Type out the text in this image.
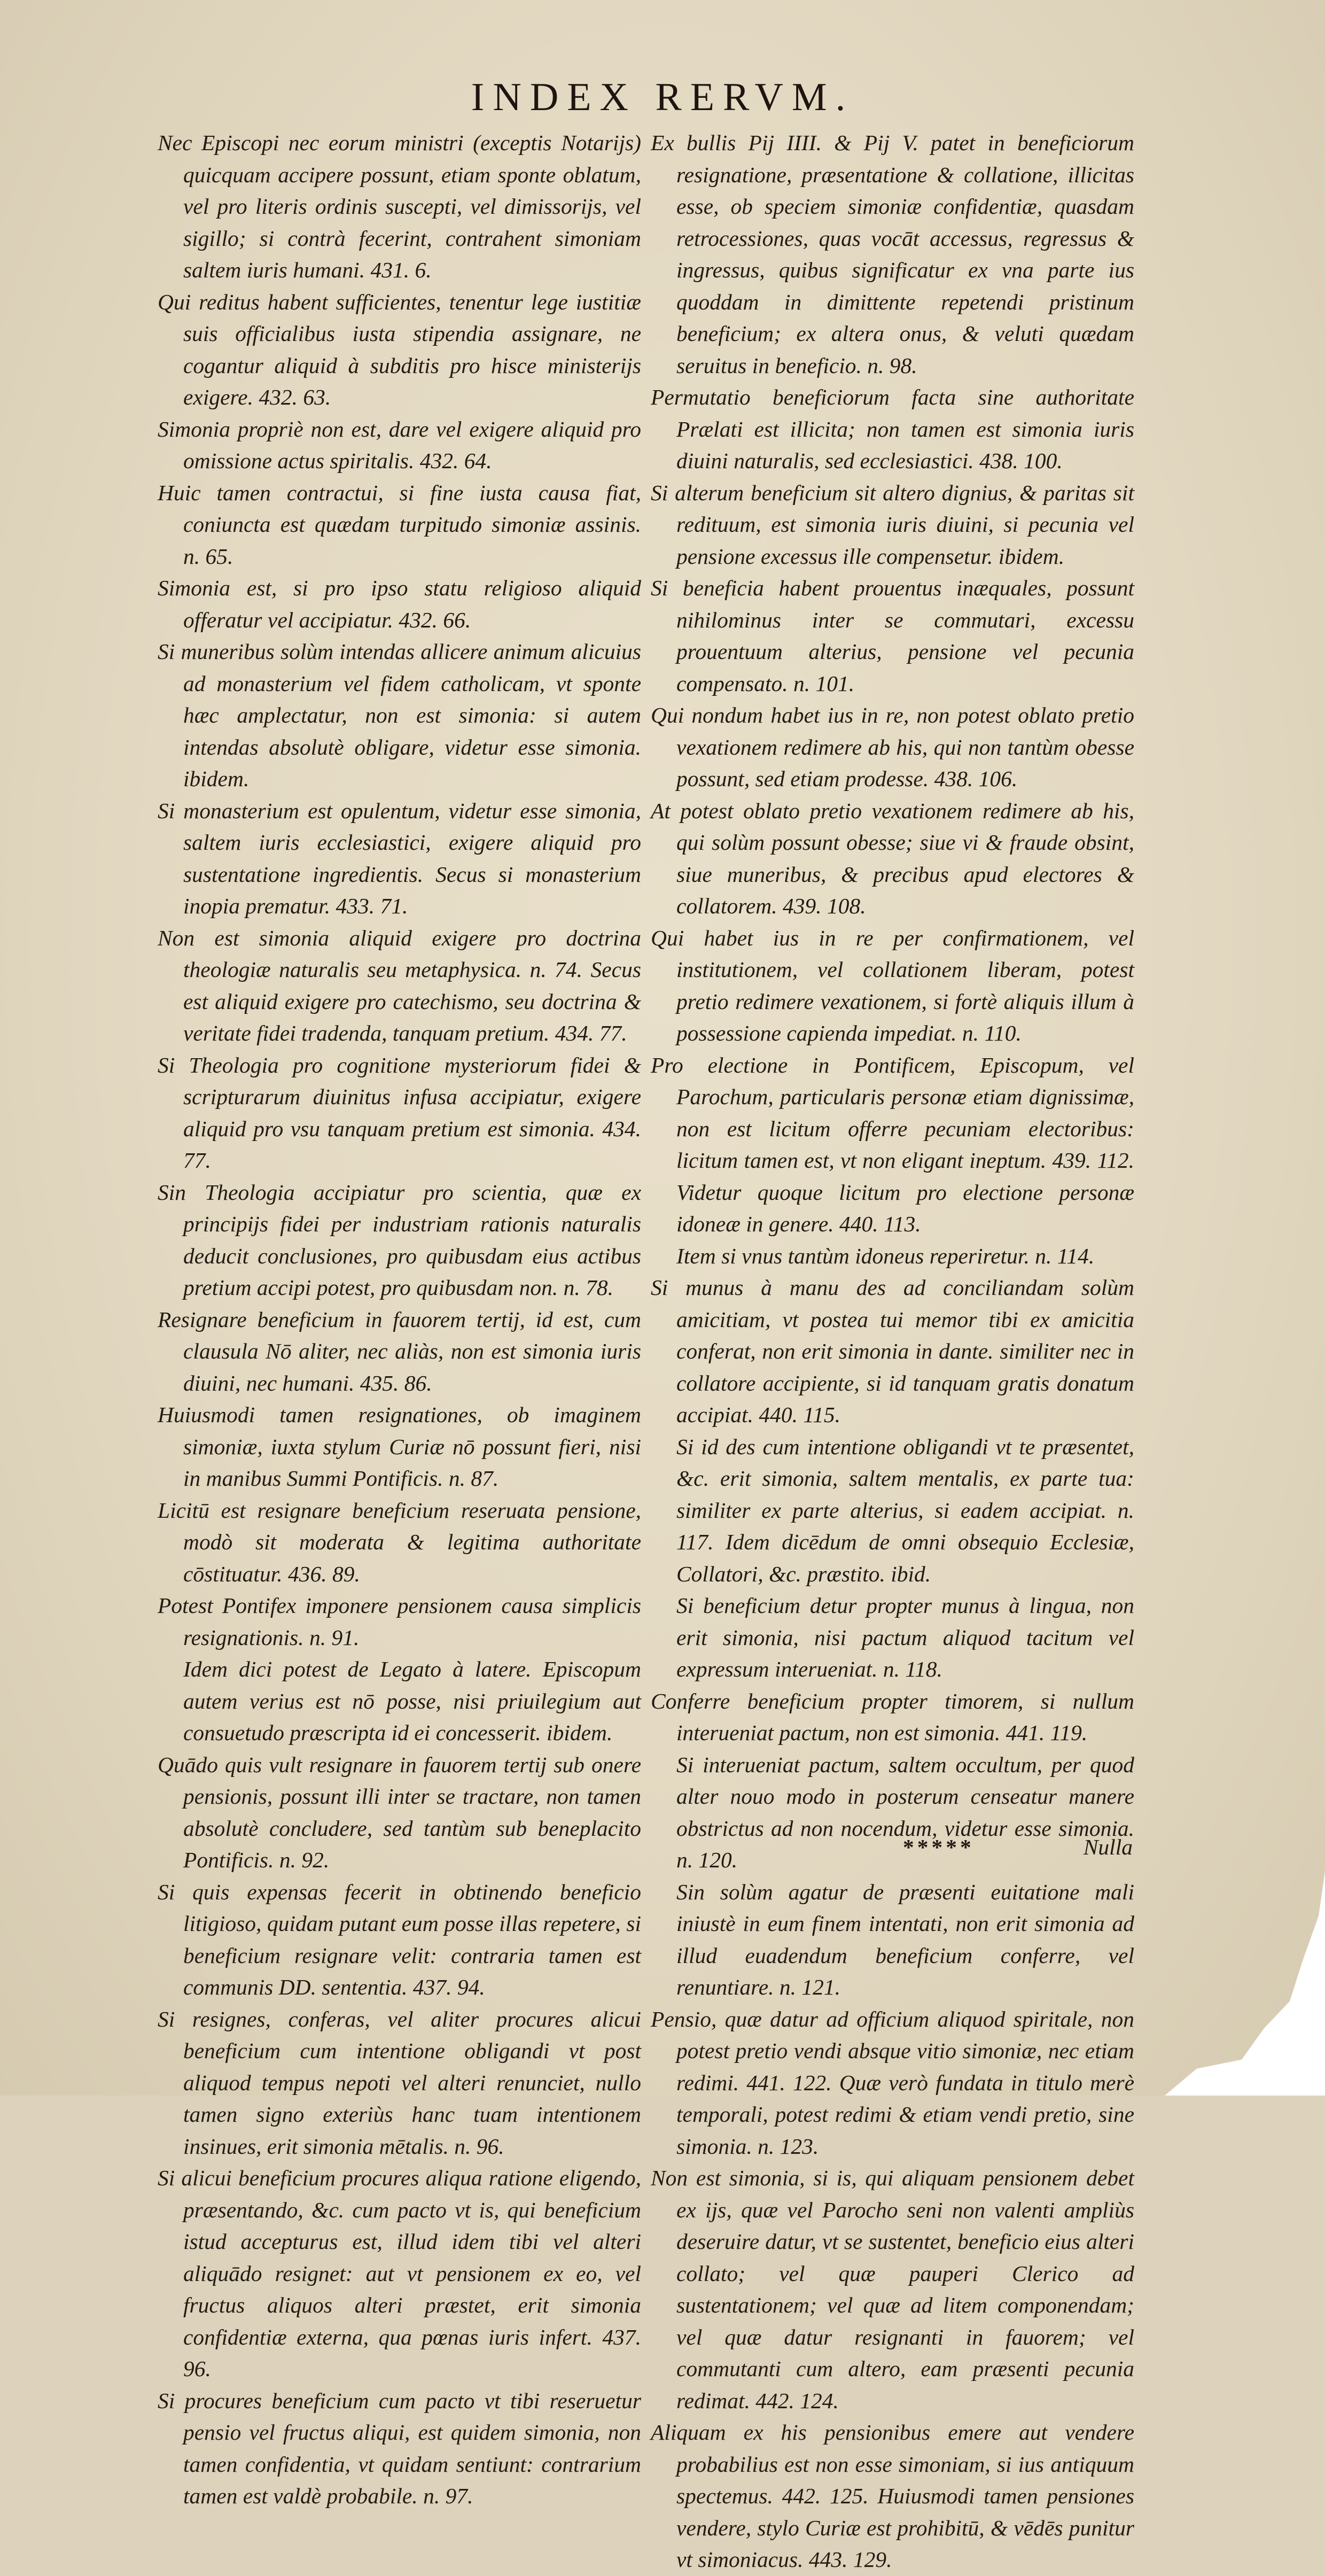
INDEX RERVM.

Nec Episcopi nec eorum ministri (exceptis Notarijs) quicquam accipere possunt, etiam sponte oblatum, vel pro literis ordinis suscepti, vel dimissorijs, vel sigillo; si contrà fecerint, contrahent simoniam saltem iuris humani. 431. 6.

Qui reditus habent sufficientes, tenentur lege iustitiæ suis officialibus iusta stipendia assignare, ne cogantur aliquid à subditis pro hisce ministerijs exigere. 432. 63.

Simonia propriè non est, dare vel exigere aliquid pro omissione actus spiritalis. 432. 64.

Huic tamen contractui, si fine iusta causa fiat, coniuncta est quædam turpitudo simoniæ assinis. n. 65.

Simonia est, si pro ipso statu religioso aliquid offeratur vel accipiatur. 432. 66.

Si muneribus solùm intendas allicere animum alicuius ad monasterium vel fidem catholicam, vt sponte hæc amplectatur, non est simonia: si autem intendas absolutè obligare, videtur esse simonia. ibidem.

Si monasterium est opulentum, videtur esse simonia, saltem iuris ecclesiastici, exigere aliquid pro sustentatione ingredientis. Secus si monasterium inopia prematur. 433. 71.

Non est simonia aliquid exigere pro doctrina theologiæ naturalis seu metaphysica. n. 74. Secus est aliquid exigere pro catechismo, seu doctrina & veritate fidei tradenda, tanquam pretium. 434. 77.

Si Theologia pro cognitione mysteriorum fidei & scripturarum diuinitus infusa accipiatur, exigere aliquid pro vsu tanquam pretium est simonia. 434. 77.

Sin Theologia accipiatur pro scientia, quæ ex principijs fidei per industriam rationis naturalis deducit conclusiones, pro quibusdam eius actibus pretium accipi potest, pro quibusdam non. n. 78.

Resignare beneficium in fauorem tertij, id est, cum clausula Nō aliter, nec aliàs, non est simonia iuris diuini, nec humani. 435. 86.

Huiusmodi tamen resignationes, ob imaginem simoniæ, iuxta stylum Curiæ nō possunt fieri, nisi in manibus Summi Pontificis. n. 87.

Licitū est resignare beneficium reseruata pensione, modò sit moderata & legitima authoritate cōstituatur. 436. 89.

Potest Pontifex imponere pensionem causa simplicis resignationis. n. 91.

Idem dici potest de Legato à latere. Episcopum autem verius est nō posse, nisi priuilegium aut consuetudo præscripta id ei concesserit. ibidem.

Quādo quis vult resignare in fauorem tertij sub onere pensionis, possunt illi inter se tractare, non tamen absolutè concludere, sed tantùm sub beneplacito Pontificis. n. 92.

Si quis expensas fecerit in obtinendo beneficio litigioso, quidam putant eum posse illas repetere, si beneficium resignare velit: contraria tamen est communis DD. sententia. 437. 94.

Si resignes, conferas, vel aliter procures alicui beneficium cum intentione obligandi vt post aliquod tempus nepoti vel alteri renunciet, nullo tamen signo exteriùs hanc tuam intentionem insinues, erit simonia mētalis. n. 96.

Si alicui beneficium procures aliqua ratione eligendo, præsentando, &c. cum pacto vt is, qui beneficium istud accepturus est, illud idem tibi vel alteri aliquādo resignet: aut vt pensionem ex eo, vel fructus aliquos alteri præstet, erit simonia confidentiæ externa, qua pœnas iuris infert. 437. 96.

Si procures beneficium cum pacto vt tibi reseruetur pensio vel fructus aliqui, est quidem simonia, non tamen confidentia, vt quidam sentiunt: contrarium tamen est valdè probabile. n. 97.

Ex bullis Pij IIII. & Pij V. patet in beneficiorum resignatione, præsentatione & collatione, illicitas esse, ob speciem simoniæ confidentiæ, quasdam retrocessiones, quas vocāt accessus, regressus & ingressus, quibus significatur ex vna parte ius quoddam in dimittente repetendi pristinum beneficium; ex altera onus, & veluti quædam seruitus in beneficio. n. 98.

Permutatio beneficiorum facta sine authoritate Prælati est illicita; non tamen est simonia iuris diuini naturalis, sed ecclesiastici. 438. 100.

Si alterum beneficium sit altero dignius, & paritas sit redituum, est simonia iuris diuini, si pecunia vel pensione excessus ille compensetur. ibidem.

Si beneficia habent prouentus inæquales, possunt nihilominus inter se commutari, excessu prouentuum alterius, pensione vel pecunia compensato. n. 101.

Qui nondum habet ius in re, non potest oblato pretio vexationem redimere ab his, qui non tantùm obesse possunt, sed etiam prodesse. 438. 106.

At potest oblato pretio vexationem redimere ab his, qui solùm possunt obesse; siue vi & fraude obsint, siue muneribus, & precibus apud electores & collatorem. 439. 108.

Qui habet ius in re per confirmationem, vel institutionem, vel collationem liberam, potest pretio redimere vexationem, si fortè aliquis illum à possessione capienda impediat. n. 110.

Pro electione in Pontificem, Episcopum, vel Parochum, particularis personæ etiam dignissimæ, non est licitum offerre pecuniam electoribus: licitum tamen est, vt non eligant ineptum. 439. 112. Videtur quoque licitum pro electione personæ idoneæ in genere. 440. 113.

Item si vnus tantùm idoneus reperiretur. n. 114.

Si munus à manu des ad conciliandam solùm amicitiam, vt postea tui memor tibi ex amicitia conferat, non erit simonia in dante. similiter nec in collatore accipiente, si id tanquam gratis donatum accipiat. 440. 115.

Si id des cum intentione obligandi vt te præsentet, &c. erit simonia, saltem mentalis, ex parte tua: similiter ex parte alterius, si eadem accipiat. n. 117. Idem dicēdum de omni obsequio Ecclesiæ, Collatori, &c. præstito. ibid.

Si beneficium detur propter munus à lingua, non erit simonia, nisi pactum aliquod tacitum vel expressum interueniat. n. 118.

Conferre beneficium propter timorem, si nullum interueniat pactum, non est simonia. 441. 119.

Si interueniat pactum, saltem occultum, per quod alter nouo modo in posterum censeatur manere obstrictus ad non nocendum, videtur esse simonia. n. 120.

Sin solùm agatur de præsenti euitatione mali iniustè in eum finem intentati, non erit simonia ad illud euadendum beneficium conferre, vel renuntiare. n. 121.

Pensio, quæ datur ad officium aliquod spiritale, non potest pretio vendi absque vitio simoniæ, nec etiam redimi. 441. 122. Quæ verò fundata in titulo merè temporali, potest redimi & etiam vendi pretio, sine simonia. n. 123.

Non est simonia, si is, qui aliquam pensionem debet ex ijs, quæ vel Parocho seni non valenti ampliùs deseruire datur, vt se sustentet, beneficio eius alteri collato; vel quæ pauperi Clerico ad sustentationem; vel quæ ad litem componendam; vel quæ datur resignanti in fauorem; vel commutanti cum altero, eam præsenti pecunia redimat. 442. 124.

Aliquam ex his pensionibus emere aut vendere probabilius est non esse simoniam, si ius antiquum spectemus. 442. 125. Huiusmodi tamen pensiones vendere, stylo Curiæ est prohibitū, & vēdēs punitur vt simoniacus. 443. 129.

*****	Nulla
